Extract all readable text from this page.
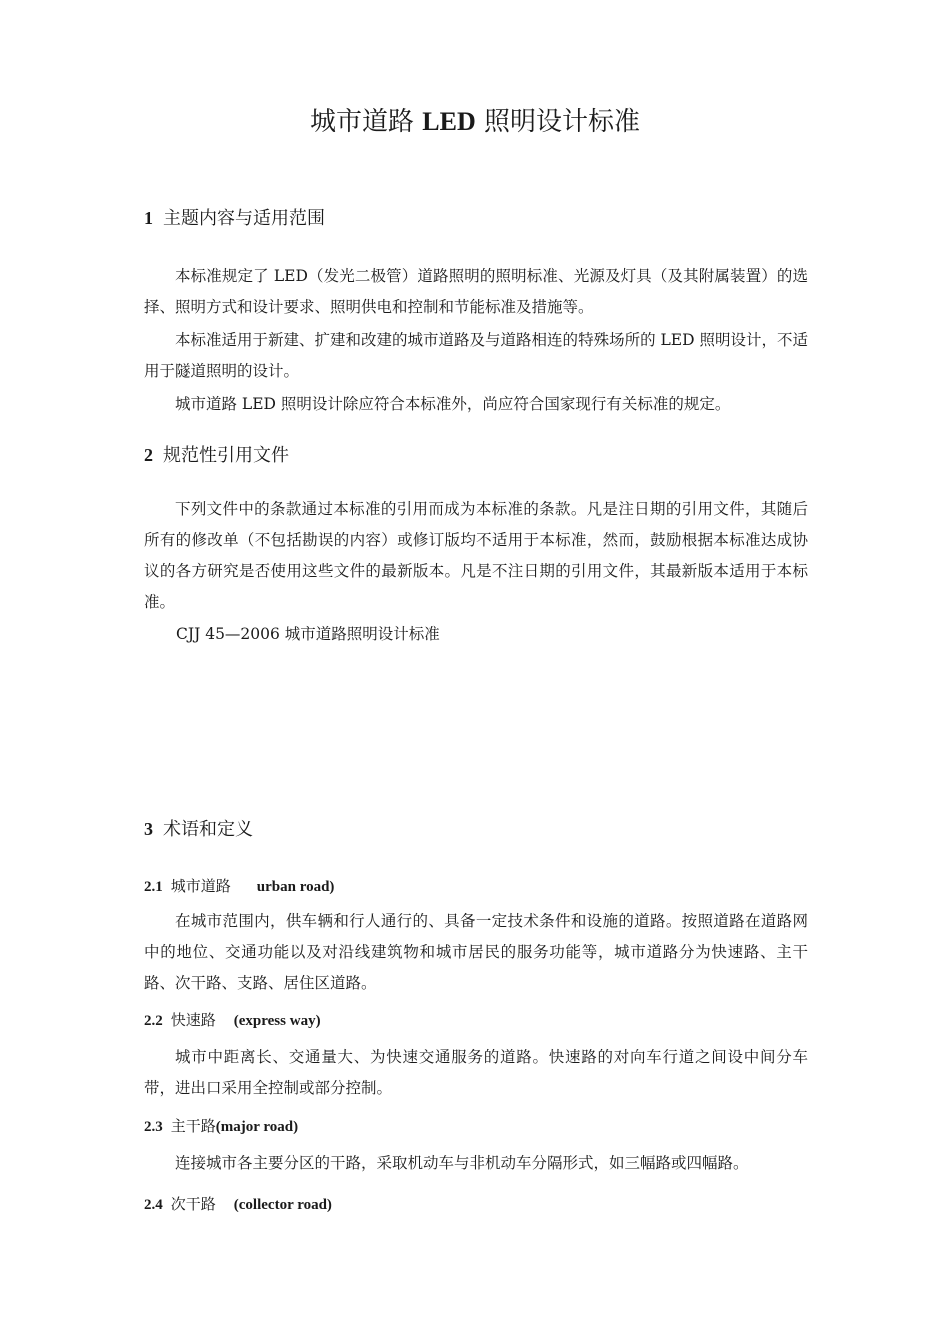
城市道路 LED 照明设计标准
1 主题内容与适用范围

本标准规定了 LED（发光二极管）道路照明的照明标准、光源及灯具（及其附属装置）的选择、照明方式和设计要求、照明供电和控制和节能标准及措施等。

本标准适用于新建、扩建和改建的城市道路及与道路相连的特殊场所的 LED 照明设计，不适用于隧道照明的设计。

城市道路 LED 照明设计除应符合本标准外，尚应符合国家现行有关标准的规定。

2 规范性引用文件

下列文件中的条款通过本标准的引用而成为本标准的条款。凡是注日期的引用文件，其随后所有的修改单（不包括勘误的内容）或修订版均不适用于本标准，然而，鼓励根据本标准达成协议的各方研究是否使用这些文件的最新版本。凡是不注日期的引用文件，其最新版本适用于本标准。

CJJ 45—2006 城市道路照明设计标准
3 术语和定义
2.1 城市道路 urban road)

在城市范围内，供车辆和行人通行的、具备一定技术条件和设施的道路。按照道路在道路网中的地位、交通功能以及对沿线建筑物和城市居民的服务功能等，城市道路分为快速路、主干路、次干路、支路、居住区道路。

2.2 快速路 (express way)

城市中距离长、交通量大、为快速交通服务的道路。快速路的对向车行道之间设中间分车带，进出口采用全控制或部分控制。

2.3 主干路(major road)

连接城市各主要分区的干路，采取机动车与非机动车分隔形式，如三幅路或四幅路。

2.4 次干路 (collector road)
